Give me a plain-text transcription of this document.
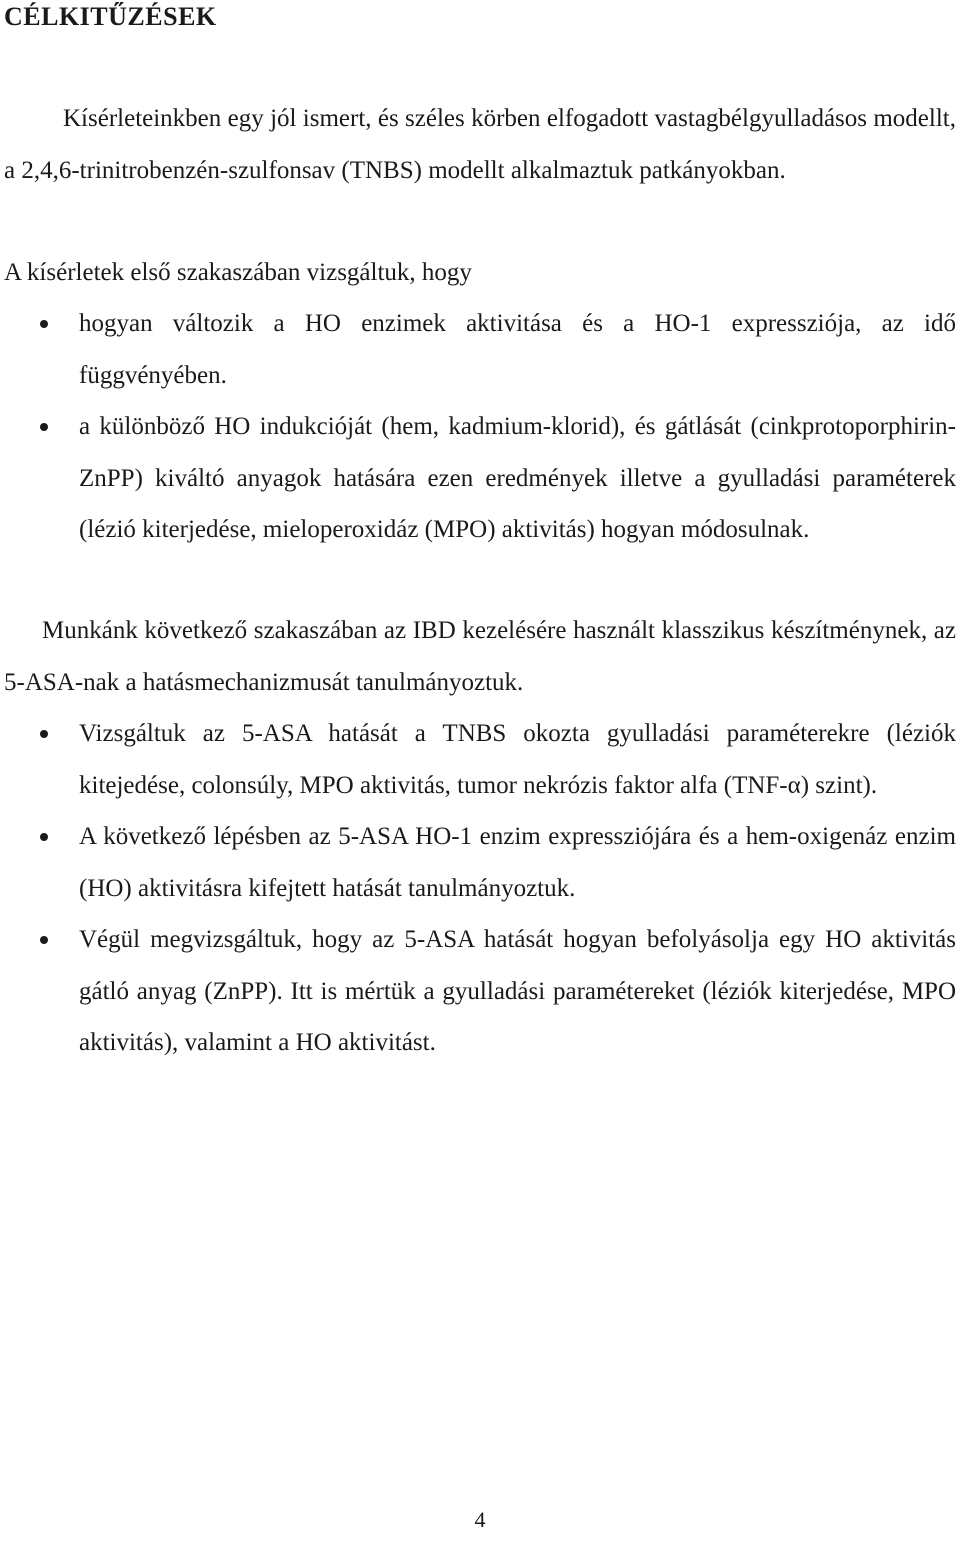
CÉLKITŰZÉSEK

Kísérleteinkben egy jól ismert, és széles körben elfogadott vastagbélgyulladásos modellt, a 2,4,6-trinitrobenzén-szulfonsav (TNBS) modellt alkalmaztuk patkányokban.

A kísérletek első szakaszában vizsgáltuk, hogy

hogyan változik a HO enzimek aktivitása és a HO-1 expressziója, az idő függvényében.
a különböző HO indukcióját (hem, kadmium-klorid), és gátlását (cinkprotoporphirin-ZnPP) kiváltó anyagok hatására ezen eredmények illetve a gyulladási paraméterek (lézió kiterjedése, mieloperoxidáz (MPO) aktivitás) hogyan módosulnak.

Munkánk következő szakaszában az IBD kezelésére használt klasszikus készítménynek, az 5-ASA-nak a hatásmechanizmusát tanulmányoztuk.

Vizsgáltuk az 5-ASA hatását a TNBS okozta gyulladási paraméterekre (léziók kitejedése, colonsúly, MPO aktivitás, tumor nekrózis faktor alfa (TNF-α) szint).
A következő lépésben az 5-ASA HO-1 enzim expressziójára és a hem-oxigenáz enzim (HO) aktivitásra kifejtett hatását tanulmányoztuk.
Végül megvizsgáltuk, hogy az 5-ASA hatását hogyan befolyásolja egy HO aktivitás gátló anyag (ZnPP). Itt is mértük a gyulladási paramétereket (léziók kiterjedése, MPO aktivitás), valamint a HO aktivitást.
4
